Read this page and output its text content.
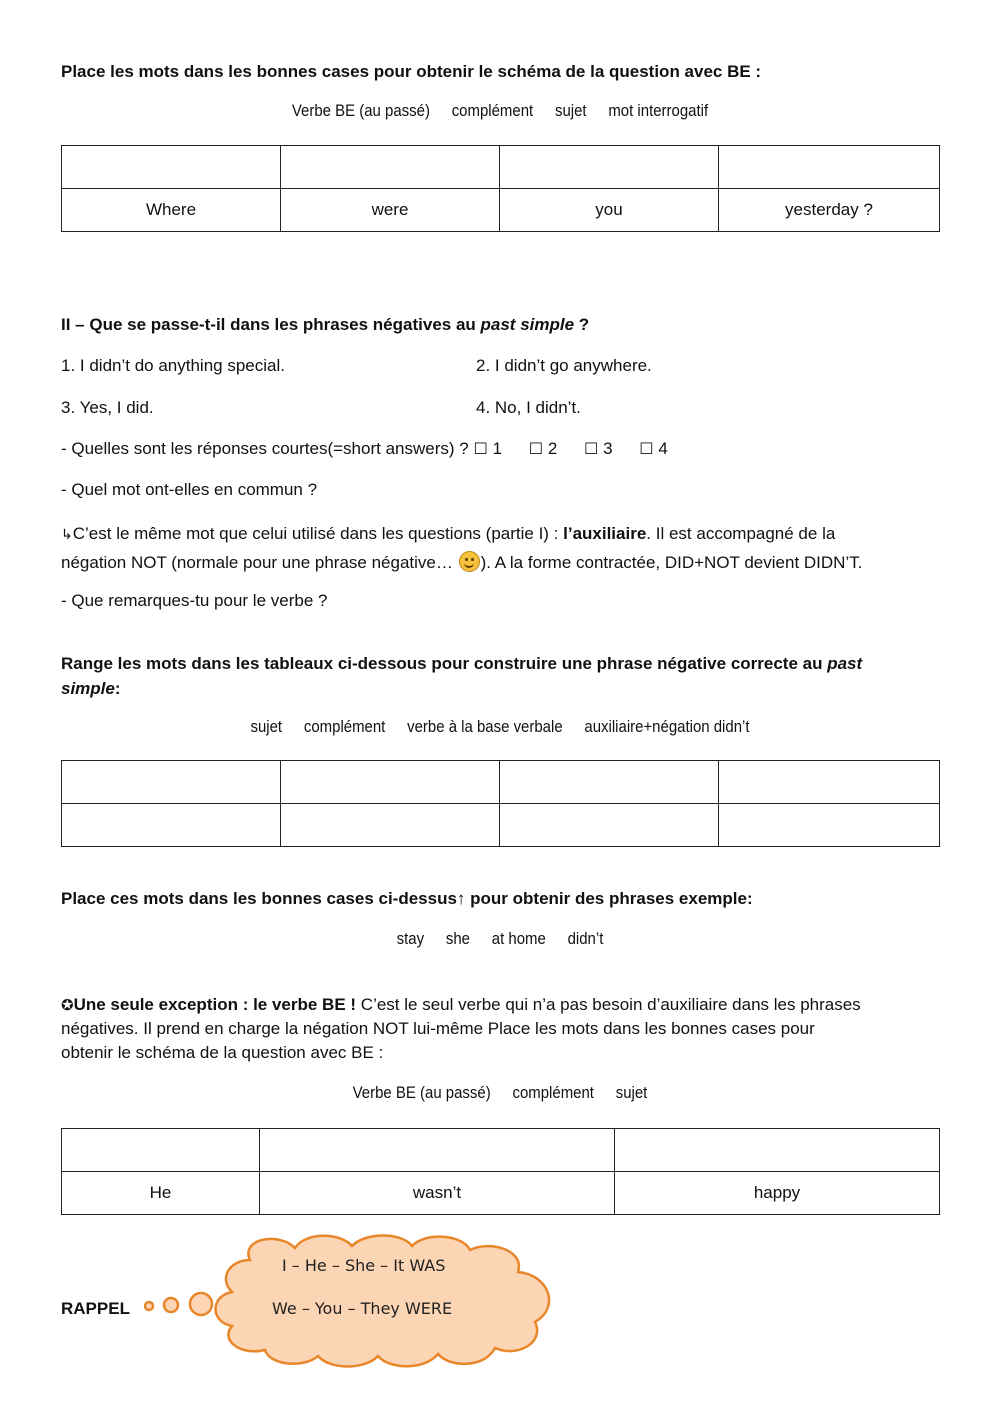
Place les mots dans les bonnes cases pour obtenir le schéma de la question avec BE :
Verbe BE (au passé) complément sujet mot interrogatif

Where	were	you	yesterday ?
II – Que se passe-t-il dans les phrases négatives au past simple ?
1. I didn’t do anything special.	2. I didn’t go anywhere.
3. Yes, I did.	4. No, I didn’t.
- Quelles sont les réponses courtes(=short answers) ? ☐ 1 ☐ 2 ☐ 3 ☐ 4
- Quel mot ont-elles en commun ?
↳C’est le même mot que celui utilisé dans les questions (partie I) : l’auxiliaire. Il est accompagné de la
négation NOT (normale pour une phrase négative… ). A la forme contractée, DID+NOT devient DIDN’T.
- Que remarques-tu pour le verbe ?
Range les mots dans les tableaux ci-dessous pour construire une phrase négative correcte au past
simple:
sujet complément verbe à la base verbale auxiliaire+négation didn’t

Place ces mots dans les bonnes cases ci-dessus↑ pour obtenir des phrases exemple:
stay she at home didn’t
✪Une seule exception : le verbe BE ! C’est le seul verbe qui n’a pas besoin d’auxiliaire dans les phrases
négatives. Il prend en charge la négation NOT lui-même Place les mots dans les bonnes cases pour
obtenir le schéma de la question avec BE :
Verbe BE (au passé) complément sujet

He	wasn’t	happy
RAPPEL
I – He – She – It WAS
We – You – They WERE
